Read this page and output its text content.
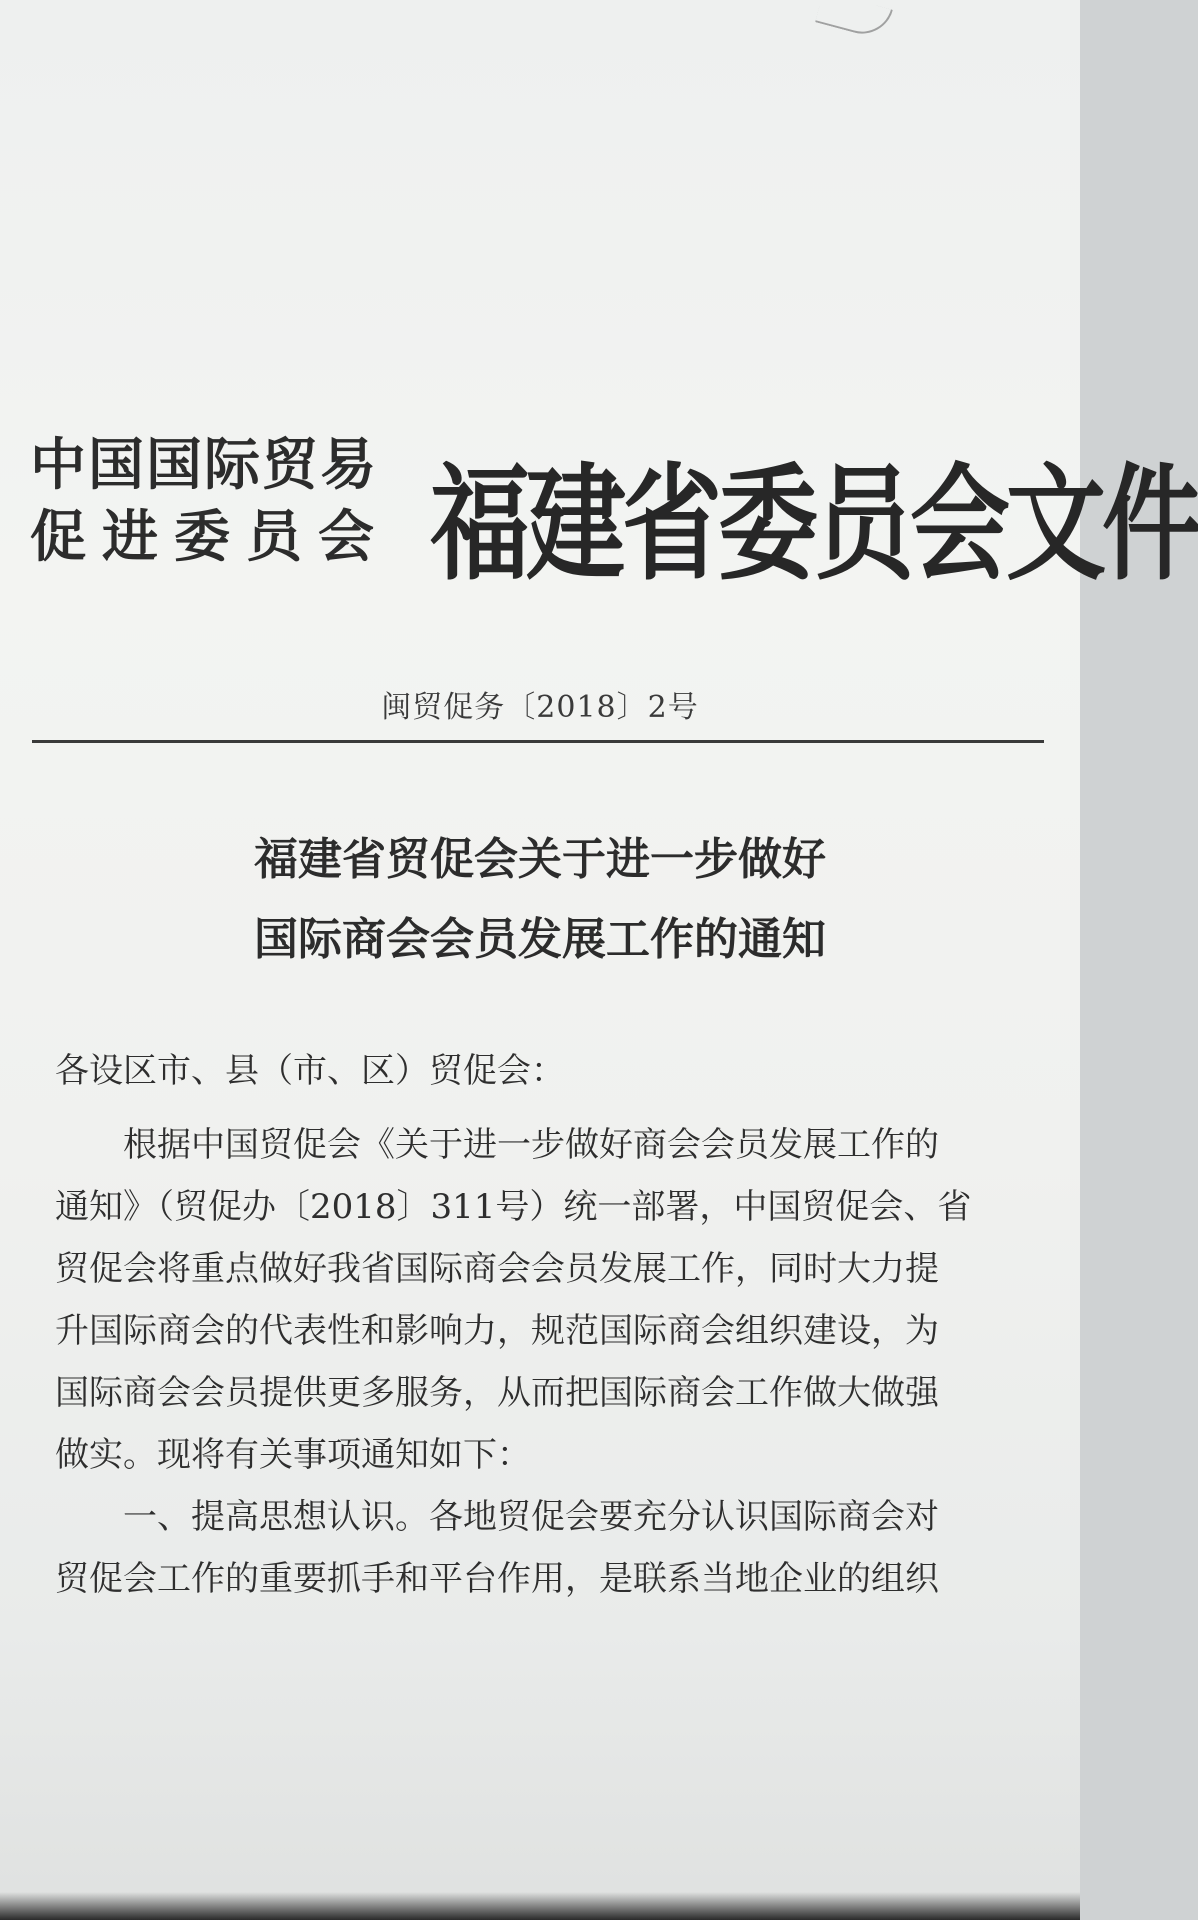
中国国际贸易
促进委员会 福建省委员会文件
闽贸促务〔2018〕2号
福建省贸促会关于进一步做好
国际商会会员发展工作的通知
各设区市、县（市、区）贸促会：
根据中国贸促会《关于进一步做好商会会员发展工作的
通知》（贸促办〔2018〕311号）统一部署，中国贸促会、省
贸促会将重点做好我省国际商会会员发展工作，同时大力提
升国际商会的代表性和影响力，规范国际商会组织建设，为
国际商会会员提供更多服务，从而把国际商会工作做大做强
做实。现将有关事项通知如下：
一、提高思想认识。各地贸促会要充分认识国际商会对
贸促会工作的重要抓手和平台作用，是联系当地企业的组织
